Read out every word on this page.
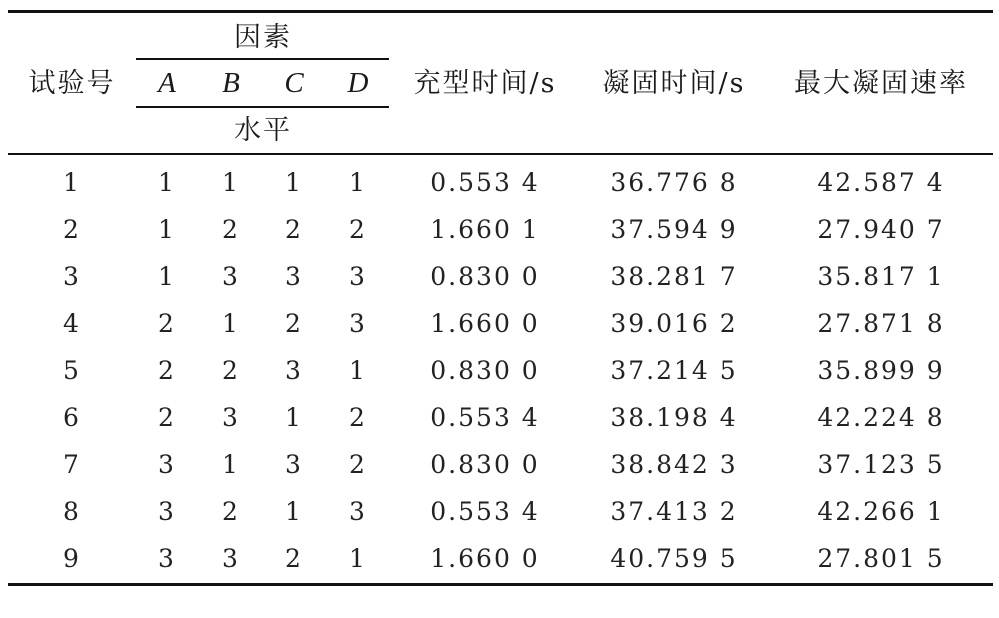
试验号
因素
A B C D
水平
充型时间/s 凝固时间/s 最大凝固速率
1	1 1 1 1	0.553 4	36.776 8	42.587 4
2	1 2 2 2	1.660 1	37.594 9	27.940 7
3	1 3 3 3	0.830 0	38.281 7	35.817 1
4	2 1 2 3	1.660 0	39.016 2	27.871 8
5	2 2 3 1	0.830 0	37.214 5	35.899 9
6	2 3 1 2	0.553 4	38.198 4	42.224 8
7	3 1 3 2	0.830 0	38.842 3	37.123 5
8	3 2 1 3	0.553 4	37.413 2	42.266 1
9	3 3 2 1	1.660 0	40.759 5	27.801 5
